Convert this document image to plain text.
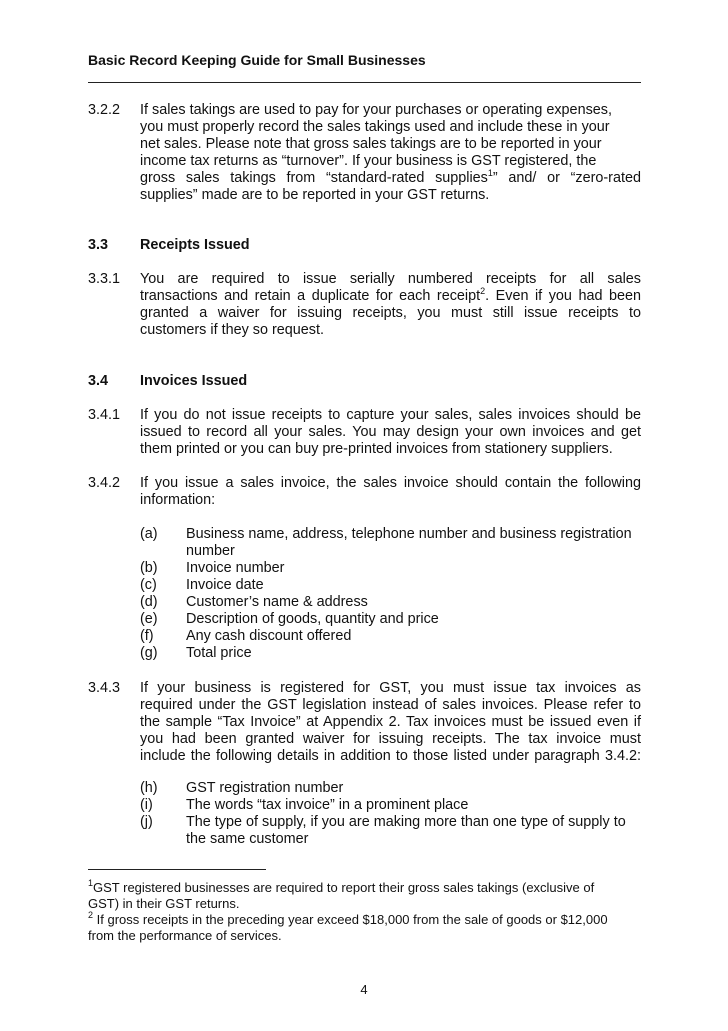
Basic Record Keeping Guide for Small Businesses
3.2.2 If sales takings are used to pay for your purchases or operating expenses,
you must properly record the sales takings used and include these in your
net sales. Please note that gross sales takings are to be reported in your
income tax returns as “turnover”. If your business is GST registered, the
gross sales takings from “standard-rated supplies$^1$” and/ or “zero-rated
supplies” made are to be reported in your GST returns.
3.3 Receipts Issued
3.3.1 You are required to issue serially numbered receipts for all sales
transactions and retain a duplicate for each receipt$^2$. Even if you had been
granted a waiver for issuing receipts, you must still issue receipts to
customers if they so request.
3.4 Invoices Issued
3.4.1 If you do not issue receipts to capture your sales, sales invoices should be
issued to record all your sales. You may design your own invoices and get
them printed or you can buy pre-printed invoices from stationery suppliers.
3.4.2 If you issue a sales invoice, the sales invoice should contain the following
information:
(a) Business name, address, telephone number and business registration
number
(b) Invoice number
(c) Invoice date
(d) Customer’s name & address
(e) Description of goods, quantity and price
(f) Any cash discount offered
(g) Total price
3.4.3 If your business is registered for GST, you must issue tax invoices as
required under the GST legislation instead of sales invoices. Please refer to
the sample “Tax Invoice” at Appendix 2. Tax invoices must be issued even if
you had been granted waiver for issuing receipts. The tax invoice must
include the following details in addition to those listed under paragraph 3.4.2:
(h) GST registration number
(i) The words “tax invoice” in a prominent place
(j) The type of supply, if you are making more than one type of supply to
the same customer
$^1$GST registered businesses are required to report their gross sales takings (exclusive of
GST) in their GST returns.
$^2$ If gross receipts in the preceding year exceed $18,000 from the sale of goods or $12,000
from the performance of services.
4
